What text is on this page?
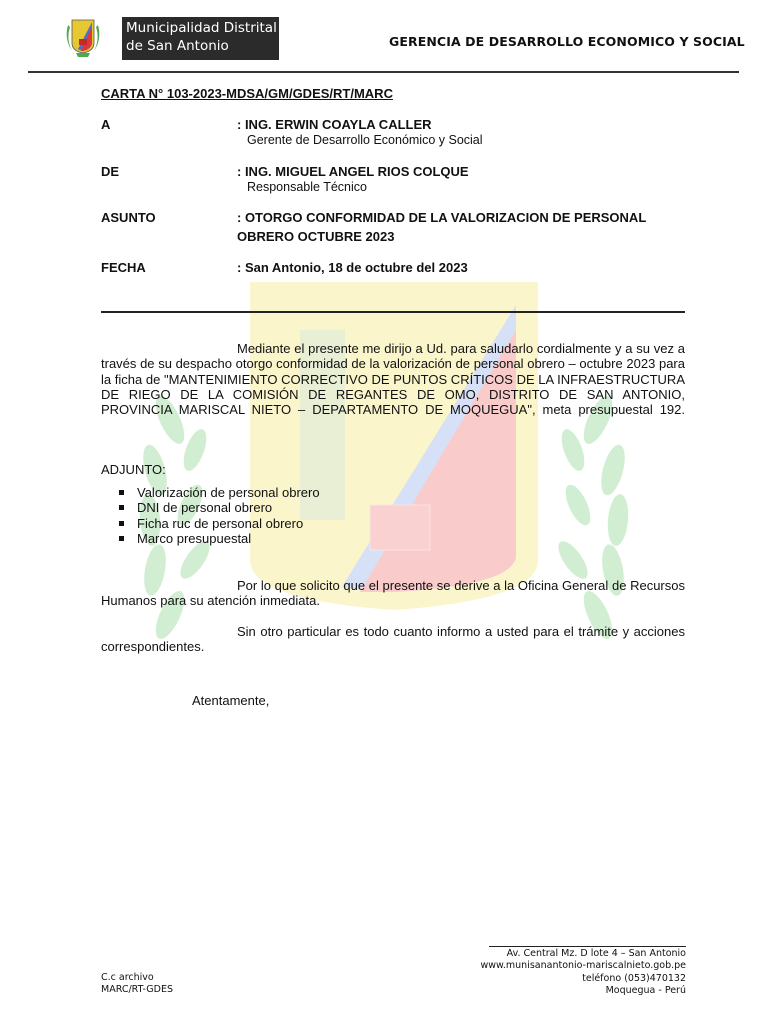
Municipalidad Distrital
de San Antonio	GERENCIA DE DESARROLLO ECONOMICO Y SOCIAL
CARTA N° 103-2023-MDSA/GM/GDES/RT/MARC
A	: ING. ERWIN COAYLA CALLER
Gerente de Desarrollo Económico y Social
DE	: ING. MIGUEL ANGEL RIOS COLQUE
Responsable Técnico
ASUNTO	: OTORGO CONFORMIDAD DE LA VALORIZACION DE PERSONAL
OBRERO OCTUBRE 2023
FECHA	: San Antonio, 18 de octubre del 2023
Mediante el presente me dirijo a Ud. para saludarlo cordialmente y a su vez a través de su despacho otorgo conformidad de la valorización de personal obrero – octubre 2023 para la ficha de "MANTENIMIENTO CORRECTIVO DE PUNTOS CRÍTICOS DE LA INFRAESTRUCTURA DE RIEGO DE LA COMISIÓN DE REGANTES DE OMO, DISTRITO DE SAN ANTONIO, PROVINCIA MARISCAL NIETO – DEPARTAMENTO DE MOQUEGUA", meta presupuestal 192.
ADJUNTO:
Valorización de personal obrero
DNI de personal obrero
Ficha ruc de personal obrero
Marco presupuestal
Por lo que solicito que el presente se derive a la Oficina General de Recursos Humanos para su atención inmediata.
Sin otro particular es todo cuanto informo a usted para el trámite y acciones correspondientes.
Atentamente,
Av. Central Mz. D lote 4 – San Antonio
www.munisanantonio-mariscalnieto.gob.pe
teléfono (053)470132
Moquegua - Perú
C.c archivo
MARC/RT-GDES
